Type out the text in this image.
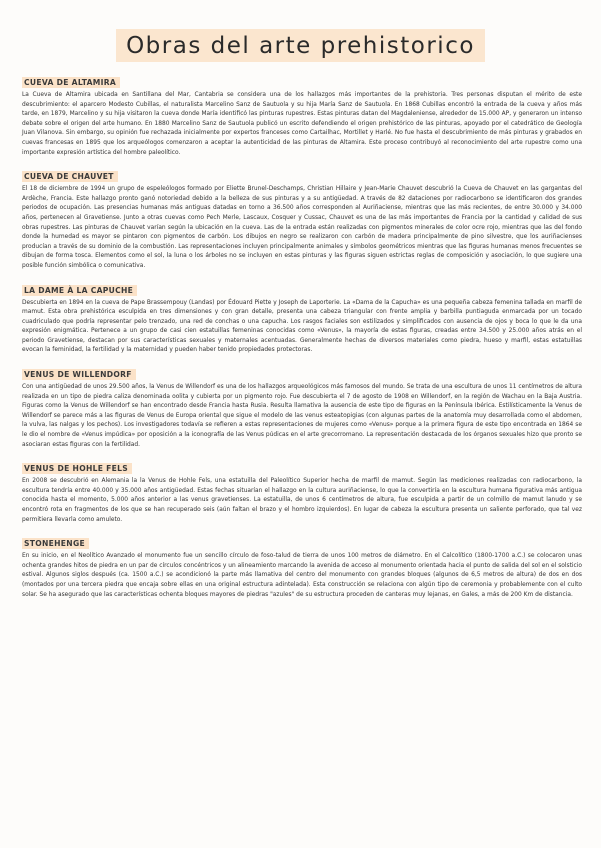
Obras del arte prehistorico
CUEVA DE ALTAMIRA

La Cueva de Altamira ubicada en Santillana del Mar, Cantabria se considera una de los hallazgos más importantes de la prehistoria. Tres personas disputan el mérito de este descubrimiento: el aparcero Modesto Cubillas, el naturalista Marcelino Sanz de Sautuola y su hija María Sanz de Sautuola. En 1868 Cubillas encontró la entrada de la cueva y años más tarde, en 1879, Marcelino y su hija visitaron la cueva donde María identificó las pinturas rupestres. Estas pinturas datan del Magdaleniense, alrededor de 15.000 AP, y generaron un intenso debate sobre el origen del arte humano. En 1880 Marcelino Sanz de Sautuola publicó un escrito defendiendo el origen prehistórico de las pinturas, apoyado por el catedrático de Geología Juan Vilanova. Sin embargo, su opinión fue rechazada inicialmente por expertos franceses como Cartailhac, Mortillet y Harlé. No fue hasta el descubrimiento de más pinturas y grabados en cuevas francesas en 1895 que los arqueólogos comenzaron a aceptar la autenticidad de las pinturas de Altamira. Este proceso contribuyó al reconocimiento del arte rupestre como una importante expresión artística del hombre paleolítico.

CUEVA DE CHAUVET

El 18 de diciembre de 1994 un grupo de espeleólogos formado por Eliette Brunel-Deschamps, Christian Hillaire y Jean-Marie Chauvet descubrió la Cueva de Chauvet en las gargantas del Ardèche, Francia. Este hallazgo pronto ganó notoriedad debido a la belleza de sus pinturas y a su antigüedad. A través de 82 dataciones por radiocarbono se identificaron dos grandes periodos de ocupación. Las presencias humanas más antiguas datadas en torno a 36.500 años corresponden al Auriñaciense, mientras que las más recientes, de entre 30.000 y 34.000 años, pertenecen al Gravetiense. Junto a otras cuevas como Pech Merle, Lascaux, Cosquer y Cussac, Chauvet es una de las más importantes de Francia por la cantidad y calidad de sus obras rupestres. Las pinturas de Chauvet varían según la ubicación en la cueva. Las de la entrada están realizadas con pigmentos minerales de color ocre rojo, mientras que las del fondo donde la humedad es mayor se pintaron con pigmentos de carbón. Los dibujos en negro se realizaron con carbón de madera principalmente de pino silvestre, que los auriñacienses producían a través de su dominio de la combustión. Las representaciones incluyen principalmente animales y símbolos geométricos mientras que las figuras humanas menos frecuentes se dibujan de forma tosca. Elementos como el sol, la luna o los árboles no se incluyen en estas pinturas y las figuras siguen estrictas reglas de composición y asociación, lo que sugiere una posible función simbólica o comunicativa.

LA DAME À LA CAPUCHE

Descubierta en 1894 en la cueva de Pape Brassempouy (Landas) por Édouard Piette y Joseph de Laporterie. La «Dama de la Capucha» es una pequeña cabeza femenina tallada en marfil de mamut. Esta obra prehistórica esculpida en tres dimensiones y con gran detalle, presenta una cabeza triangular con frente amplia y barbilla puntiaguda enmarcada por un tocado cuadriculado que podría representar pelo trenzado, una red de conchas o una capucha. Los rasgos faciales son estilizados y simplificados con ausencia de ojos y boca lo que le da una expresión enigmática. Pertenece a un grupo de casi cien estatuillas femeninas conocidas como «Venus», la mayoría de estas figuras, creadas entre 34.500 y 25.000 años atrás en el periodo Gravetiense, destacan por sus características sexuales y maternales acentuadas. Generalmente hechas de diversos materiales como piedra, hueso y marfil, estas estatuillas evocan la feminidad, la fertilidad y la maternidad y pueden haber tenido propiedades protectoras.

VENUS DE WILLENDORF

Con una antigüedad de unos 29.500 años, la Venus de Willendorf es una de los hallazgos arqueológicos más famosos del mundo. Se trata de una escultura de unos 11 centímetros de altura realizada en un tipo de piedra caliza denominada oolita y cubierta por un pigmento rojo. Fue descubierta el 7 de agosto de 1908 en Willendorf, en la región de Wachau en la Baja Austria. Figuras como la Venus de Willendorf se han encontrado desde Francia hasta Rusia. Resulta llamativa la ausencia de este tipo de figuras en la Península Ibérica. Estilísticamente la Venus de Willendorf se parece más a las figuras de Venus de Europa oriental que sigue el modelo de las venus esteatopigias (con algunas partes de la anatomía muy desarrollada como el abdomen, la vulva, las nalgas y los pechos). Los investigadores todavía se refieren a estas representaciones de mujeres como «Venus» porque a la primera figura de este tipo encontrada en 1864 se le dio el nombre de «Venus impúdica» por oposición a la iconografía de las Venus púdicas en el arte grecorromano. La representación destacada de los órganos sexuales hizo que pronto se asociaran estas figuras con la fertilidad.

VENUS DE HOHLE FELS

En 2008 se descubrió en Alemania la la Venus de Hohle Fels, una estatuilla del Paleolítico Superior hecha de marfil de mamut. Según las mediciones realizadas con radiocarbono, la escultura tendría entre 40.000 y 35.000 años antigüedad. Estas fechas situarían el hallazgo en la cultura auriñaciense, lo que la convertiría en la escultura humana figurativa más antigua conocida hasta el momento, 5.000 años anterior a las venus gravetienses. La estatuilla, de unos 6 centímetros de altura, fue esculpida a partir de un colmillo de mamut lanudo y se encontró rota en fragmentos de los que se han recuperado seis (aún faltan el brazo y el hombro izquierdos). En lugar de cabeza la escultura presenta un saliente perforado, que tal vez permitiera llevarla como amuleto.

STONEHENGE

En su inicio, en el Neolítico Avanzado el monumento fue un sencillo círculo de foso-talud de tierra de unos 100 metros de diámetro. En el Calcolítico (1800-1700 a.C.) se colocaron unas ochenta grandes hitos de piedra en un par de círculos concéntricos y un alineamiento marcando la avenida de acceso al monumento orientada hacia el punto de salida del sol en el solsticio estival. Algunos siglos después (ca. 1500 a.C.) se acondicionó la parte más llamativa del centro del monumento con grandes bloques (algunos de 6,5 metros de altura) de dos en dos (montados por una tercera piedra que encaja sobre ellas en una original estructura adintelada). Esta construcción se relaciona con algún tipo de ceremonia y probablemente con el culto solar. Se ha asegurado que las características ochenta bloques mayores de piedras "azules" de su estructura proceden de canteras muy lejanas, en Gales, a más de 200 Km de distancia.
